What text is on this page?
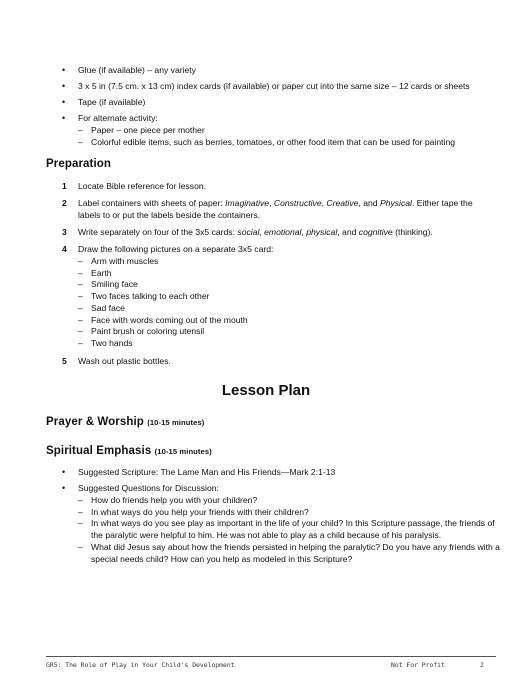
• Glue (if available) – any variety
• 3 x 5 in (7.5 cm. x 13 cm) index cards (if available) or paper cut into the same size – 12 cards or sheets
• Tape (if available)
• For alternate activity:
– Paper – one piece per mother
– Colorful edible items, such as berries, tomatoes, or other food item that can be used for painting
Preparation
1 Locate Bible reference for lesson.
2 Label containers with sheets of paper: Imaginative, Constructive, Creative, and Physical. Either tape the labels to or put the labels beside the containers.
3 Write separately on four of the 3x5 cards: social, emotional, physical, and cognitive (thinking).
4 Draw the following pictures on a separate 3x5 card:
– Arm with muscles
– Earth
– Smiling face
– Two faces talking to each other
– Sad face
– Face with words coming out of the mouth
– Paint brush or coloring utensil
– Two hands
5 Wash out plastic bottles.
Lesson Plan
Prayer & Worship (10-15 minutes)
Spiritual Emphasis (10-15 minutes)
• Suggested Scripture: The Lame Man and His Friends—Mark 2:1-13
• Suggested Questions for Discussion:
– How do friends help you with your children?
– In what ways do you help your friends with their children?
– In what ways do you see play as important in the life of your child? In this Scripture passage, the friends of the paralytic were helpful to him. He was not able to play as a child because of his paralysis.
– What did Jesus say about how the friends persisted in helping the paralytic? Do you have any friends with a special needs child? How can you help as modeled in this Scripture?
GR5: The Role of Play in Your Child's Development	Not For Profit	2
